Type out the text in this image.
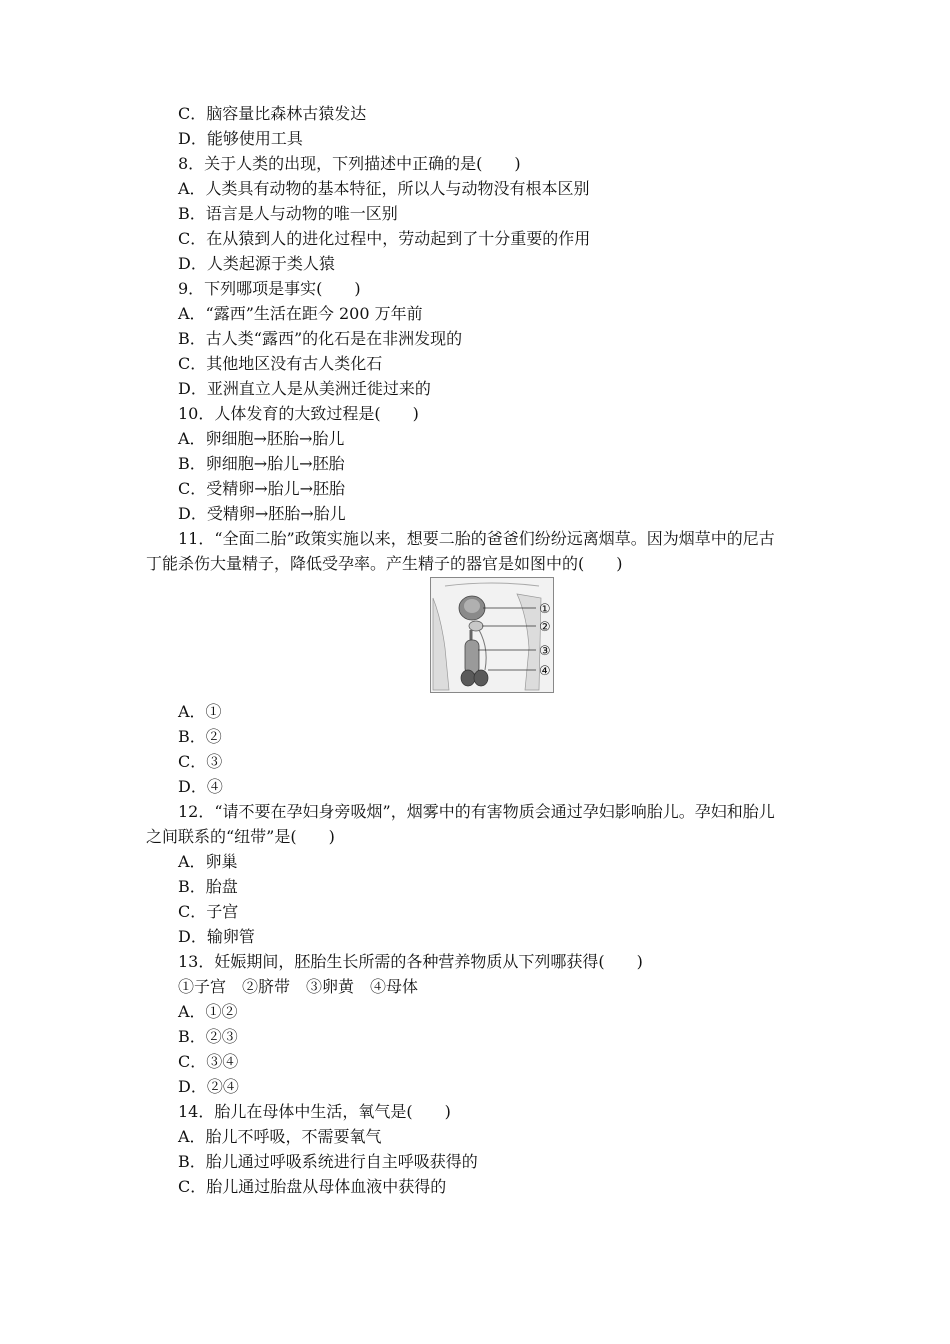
C．脑容量比森林古猿发达
D．能够使用工具
8．关于人类的出现，下列描述中正确的是(　　)
A．人类具有动物的基本特征，所以人与动物没有根本区别
B．语言是人与动物的唯一区别
C．在从猿到人的进化过程中，劳动起到了十分重要的作用
D．人类起源于类人猿
9．下列哪项是事实(　　)
A．“露西”生活在距今 200 万年前
B．古人类“露西”的化石是在非洲发现的
C．其他地区没有古人类化石
D．亚洲直立人是从美洲迁徙过来的
10．人体发育的大致过程是(　　)
A．卵细胞→胚胎→胎儿
B．卵细胞→胎儿→胚胎
C．受精卵→胎儿→胚胎
D．受精卵→胚胎→胎儿
11．“全面二胎”政策实施以来，想要二胎的爸爸们纷纷远离烟草。因为烟草中的尼古
丁能杀伤大量精子，降低受孕率。产生精子的器官是如图中的(　　)
①
②
③
④
A．①
B．②
C．③
D．④
12．“请不要在孕妇身旁吸烟”，烟雾中的有害物质会通过孕妇影响胎儿。孕妇和胎儿
之间联系的“纽带”是(　　)
A．卵巢
B．胎盘
C．子宫
D．输卵管
13．妊娠期间，胚胎生长所需的各种营养物质从下列哪获得(　　)
①子宫　②脐带　③卵黄　④母体
A．①②
B．②③
C．③④
D．②④
14．胎儿在母体中生活，氧气是(　　)
A．胎儿不呼吸，不需要氧气
B．胎儿通过呼吸系统进行自主呼吸获得的
C．胎儿通过胎盘从母体血液中获得的
